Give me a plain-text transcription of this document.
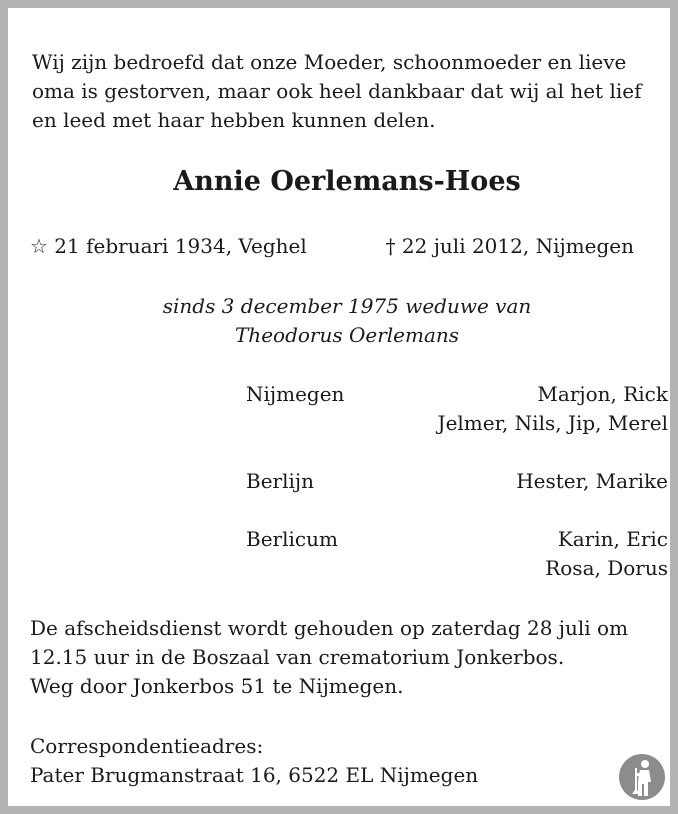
Wij zijn bedroefd dat onze Moeder, schoonmoeder en lieve
oma is gestorven, maar ook heel dankbaar dat wij al het lief
en leed met haar hebben kunnen delen.
Annie Oerlemans-Hoes
☆ 21 februari 1934, Veghel	† 22 juli 2012, Nijmegen
sinds 3 december 1975 weduwe van
Theodorus Oerlemans
Nijmegen	Marjon, Rick
Jelmer, Nils, Jip, Merel
Berlijn	Hester, Marike
Berlicum	Karin, Eric
Rosa, Dorus
De afscheidsdienst wordt gehouden op zaterdag 28 juli om
12.15 uur in de Boszaal van crematorium Jonkerbos.
Weg door Jonkerbos 51 te Nijmegen.
Correspondentieadres:
Pater Brugmanstraat 16, 6522 EL Nijmegen
